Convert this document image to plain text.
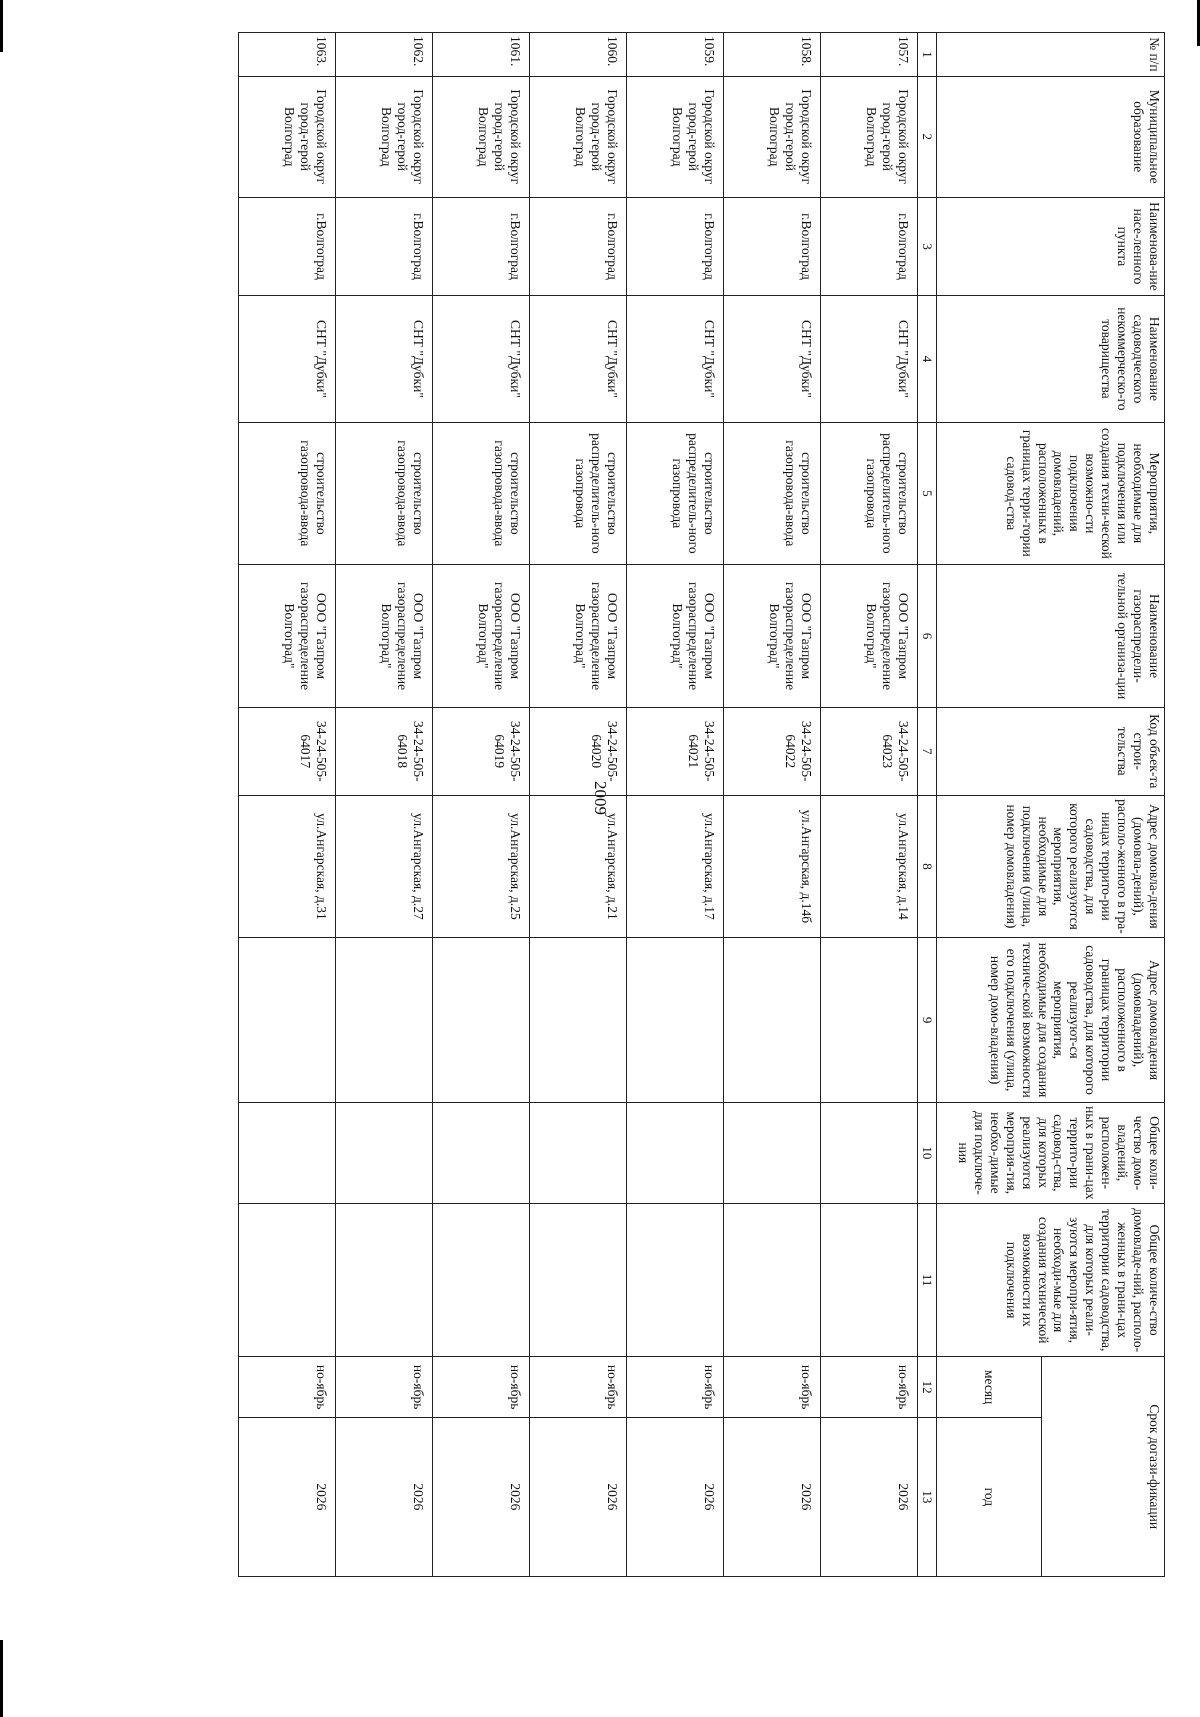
2009
№ п/п	Муниципальное образование	Наименова-ние насе-ленного пункта	Наименование садоводческого некоммерческо-го товарищества	Мероприятия, необходимые для подключения или создания техни-ческой возможно-сти подключения домовладений, расположенных в границах терри-тории садовод-ства	Наименование газораспредели-тельной организа-ции	Код объек-та строи-тельства	Адрес домовла-дения (домовла-дений), располо-женного в гра-ницах террито-рии садоводства, для которого реализуются мероприятия, необходимые для подключения (улица, номер домовладения)	Адрес домовладения (домовладений), расположенного в границах территории садоводства, для которого реализуют-ся мероприятия, необходимые для создания техниче-ской возможности его подключения (улица, номер домо-владения)	Общее коли-чество домо-владений, расположен-ных в грани-цах террито-рии садовод-ства, для которых реализуются мероприя-тия, необхо-димые для подключе-ния	Общее количе-ство домовладе-ний, располо-женных в грани-цах территории садоводства, для которых реали-зуются меропри-ятия, необходи-мые для создания технической возможности их подключения	Срок догази-фикации	
											месяц	год
1	2	3	4	5	6	7	8	9	10	11	12	13
1057.	Городской округ город-герой Волгоград	г.Волгоград	СНТ "Дубки"	строительство распределитель-ного газопровода	ООО "Газпром газораспределение Волгоград"	34-24-505-64023	ул.Ангарская, д.14				но-ябрь	2026
1058.	Городской округ город-герой Волгоград	г.Волгоград	СНТ "Дубки"	строительство газопровода-ввода	ООО "Газпром газораспределение Волгоград"	34-24-505-64022	ул.Ангарская, д.14б				но-ябрь	2026
1059.	Городской округ город-герой Волгоград	г.Волгоград	СНТ "Дубки"	строительство распределитель-ного газопровода	ООО "Газпром газораспределение Волгоград"	34-24-505-64021	ул.Ангарская, д.17				но-ябрь	2026
1060.	Городской округ город-герой Волгоград	г.Волгоград	СНТ "Дубки"	строительство распределитель-ного газопровода	ООО "Газпром газораспределение Волгоград"	34-24-505-64020	ул.Ангарская, д.21				но-ябрь	2026
1061.	Городской округ город-герой Волгоград	г.Волгоград	СНТ "Дубки"	строительство газопровода-ввода	ООО "Газпром газораспределение Волгоград"	34-24-505-64019	ул.Ангарская, д.25				но-ябрь	2026
1062.	Городской округ город-герой Волгоград	г.Волгоград	СНТ "Дубки"	строительство газопровода-ввода	ООО "Газпром газораспределение Волгоград"	34-24-505-64018	ул.Ангарская, д.27				но-ябрь	2026
1063.	Городской округ город-герой Волгоград	г.Волгоград	СНТ "Дубки"	строительство газопровода-ввода	ООО "Газпром газораспределение Волгоград"	34-24-505-64017	ул.Ангарская, д.31				но-ябрь	2026
